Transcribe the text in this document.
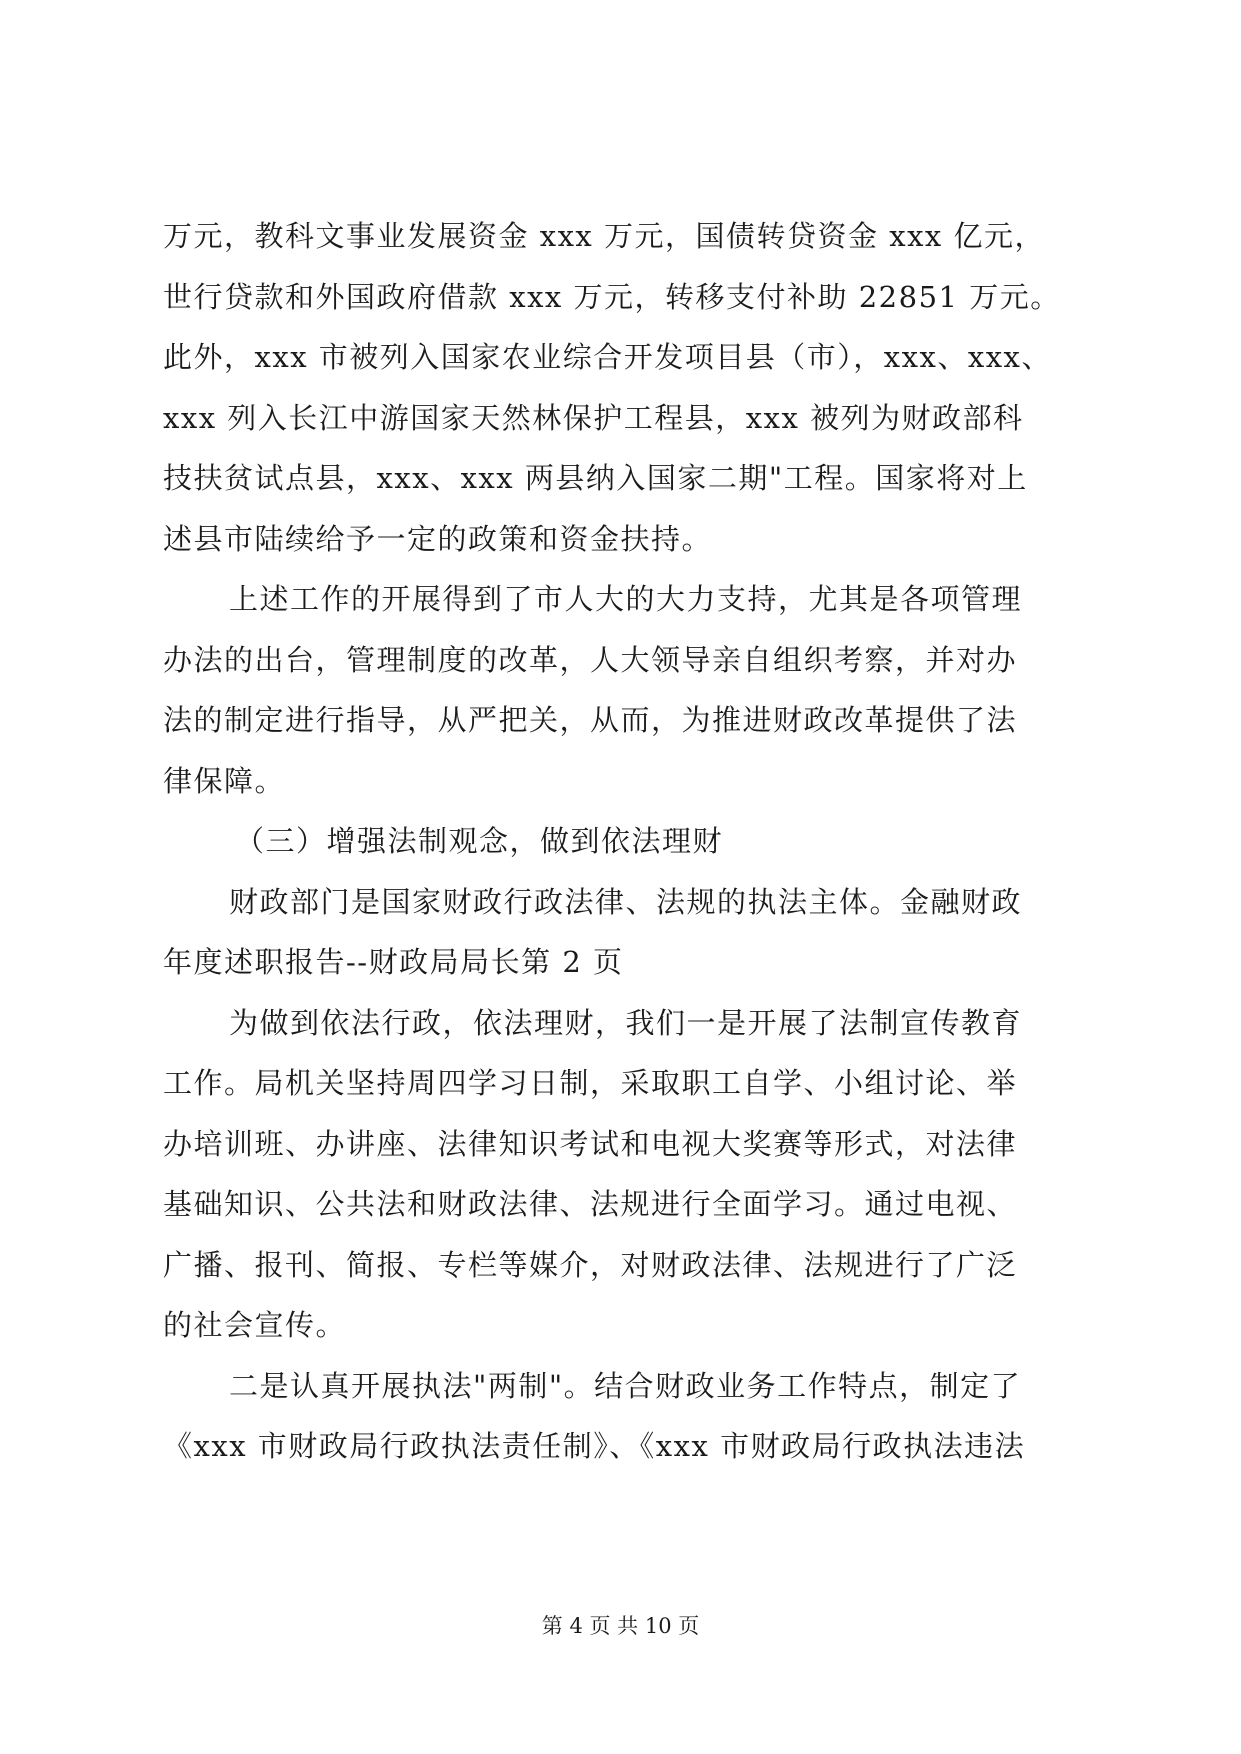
万元，教科文事业发展资金 xxx 万元，国债转贷资金 xxx 亿元，
世行贷款和外国政府借款 xxx 万元，转移支付补助 22851 万元。
此外，xxx 市被列入国家农业综合开发项目县（市），xxx、xxx、
xxx 列入长江中游国家天然林保护工程县，xxx 被列为财政部科
技扶贫试点县，xxx、xxx 两县纳入国家二期"工程。国家将对上
述县市陆续给予一定的政策和资金扶持。
上述工作的开展得到了市人大的大力支持，尤其是各项管理
办法的出台，管理制度的改革，人大领导亲自组织考察，并对办
法的制定进行指导，从严把关，从而，为推进财政改革提供了法
律保障。
（三）增强法制观念，做到依法理财
财政部门是国家财政行政法律、法规的执法主体。金融财政
年度述职报告--财政局局长第 2 页
为做到依法行政，依法理财，我们一是开展了法制宣传教育
工作。局机关坚持周四学习日制，采取职工自学、小组讨论、举
办培训班、办讲座、法律知识考试和电视大奖赛等形式，对法律
基础知识、公共法和财政法律、法规进行全面学习。通过电视、
广播、报刊、简报、专栏等媒介，对财政法律、法规进行了广泛
的社会宣传。
二是认真开展执法"两制"。结合财政业务工作特点，制定了
《xxx 市财政局行政执法责任制》、《xxx 市财政局行政执法违法
第 4 页 共 10 页
